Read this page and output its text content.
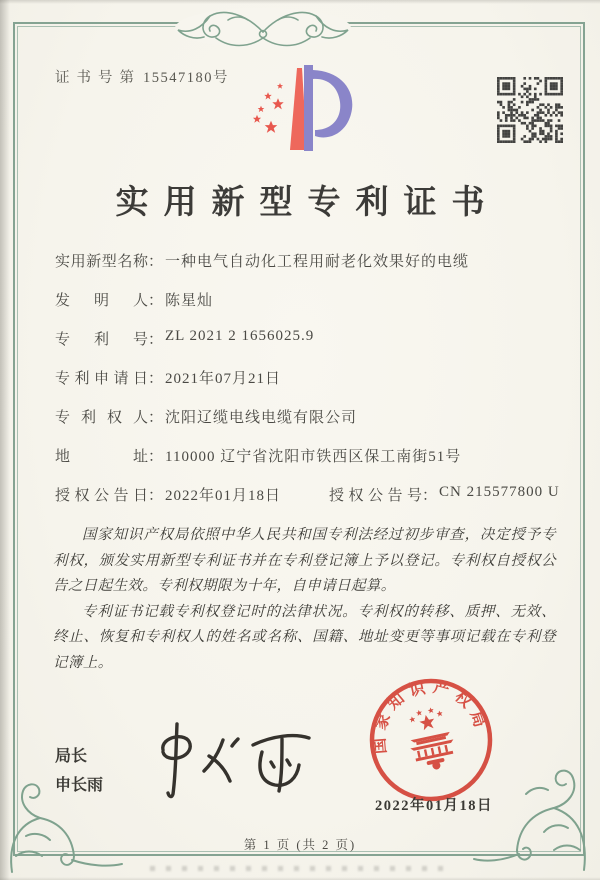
证书号第 15547180号
实用新型专利证书
实用新型名称 ： 一种电气自动化工程用耐老化效果好的电缆
发明人 ： 陈星灿
专利号 ： ZL 2021 2 1656025.9
专利申请日 ： 2021年07月21日
专利权人 ： 沈阳辽缆电线电缆有限公司
地址 ： 110000 辽宁省沈阳市铁西区保工南街51号
授权公告日 ： 2022年01月18日	授权公告号 ： CN 215577800 U

国家知识产权局依照中华人民共和国专利法经过初步审查，决定授予专利权，颁发实用新型专利证书并在专利登记簿上予以登记。专利权自授权公告之日起生效。专利权期限为十年，自申请日起算。

专利证书记载专利权登记时的法律状况。专利权的转移、质押、无效、终止、恢复和专利权人的姓名或名称、国籍、地址变更等事项记载在专利登记簿上。

局长
申长雨
国家知识产权局
2022年01月18日
第 1 页 (共 2 页)
